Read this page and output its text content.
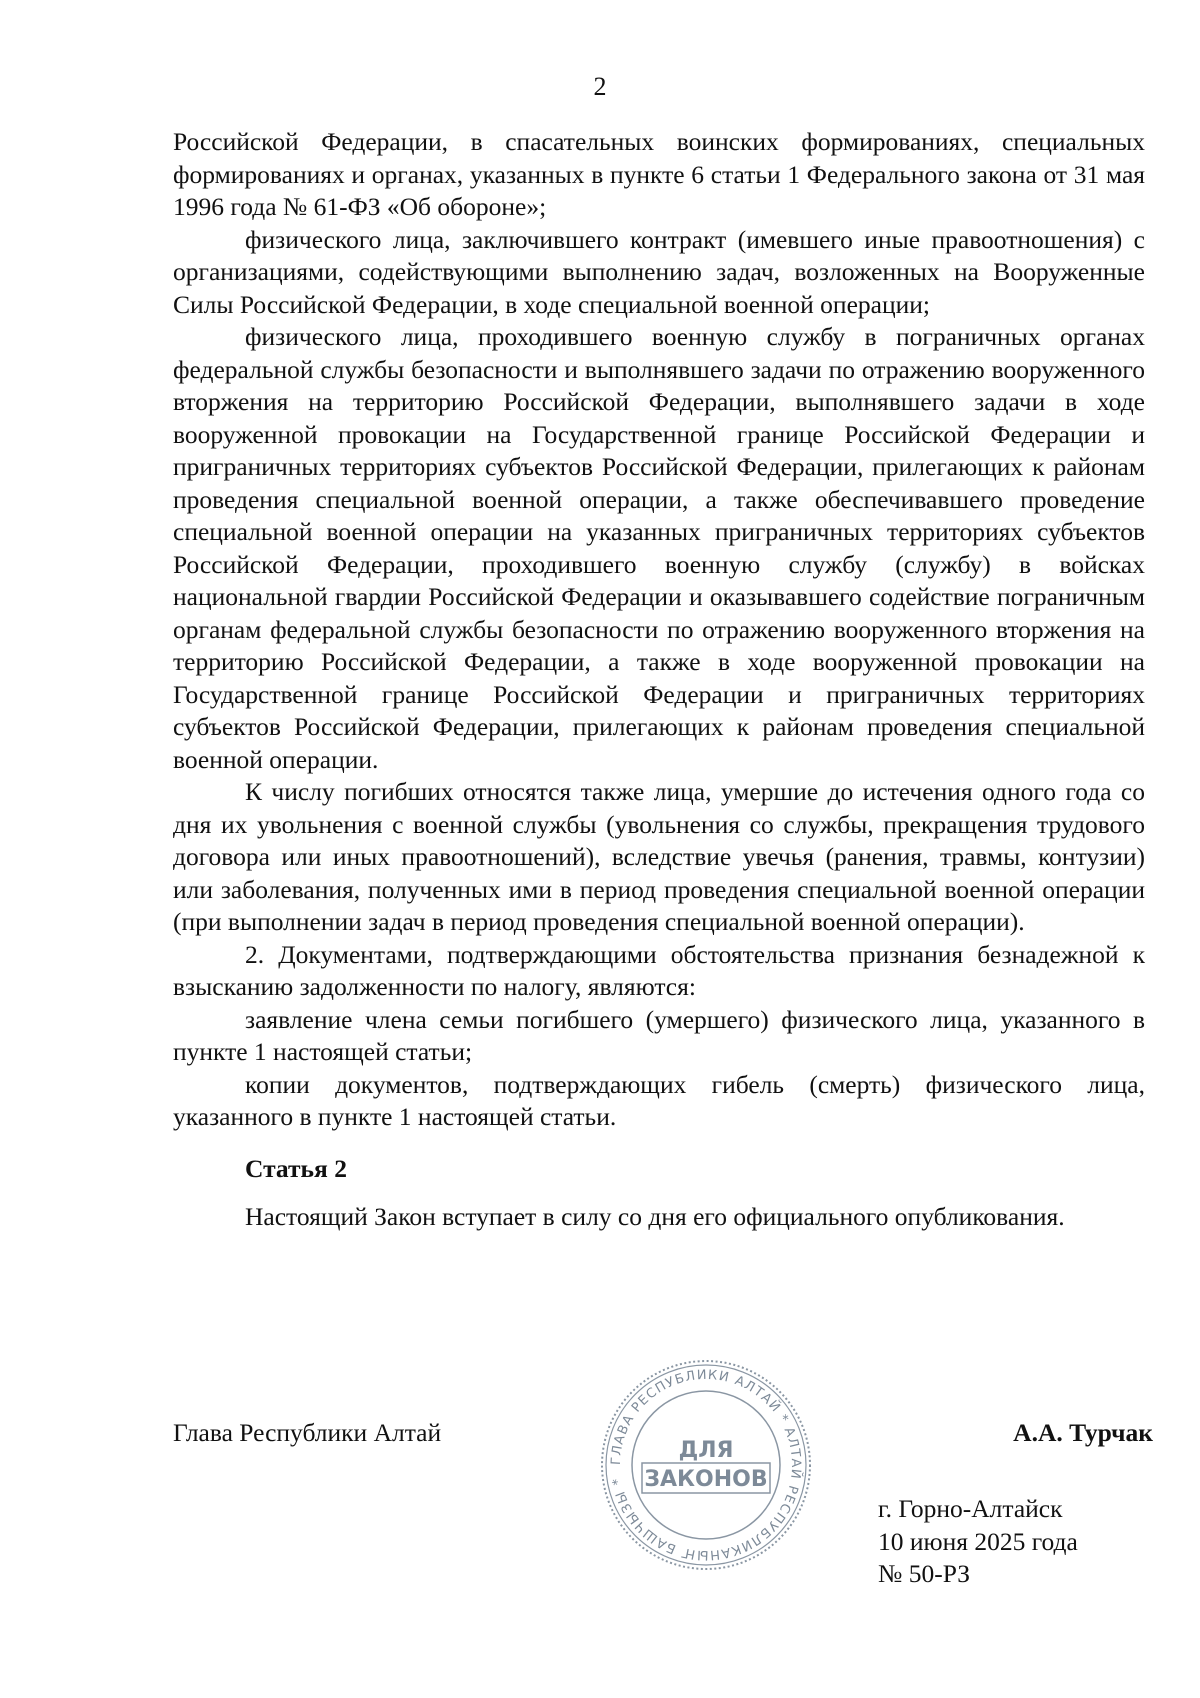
2

Российской Федерации, в спасательных воинских формированиях, специальных формированиях и органах, указанных в пункте 6 статьи 1 Федерального закона от 31 мая 1996 года № 61-ФЗ «Об обороне»;

физического лица, заключившего контракт (имевшего иные правоотношения) с организациями, содействующими выполнению задач, возложенных на Вооруженные Силы Российской Федерации, в ходе специальной военной операции;

физического лица, проходившего военную службу в пограничных органах федеральной службы безопасности и выполнявшего задачи по отражению вооруженного вторжения на территорию Российской Федерации, выполнявшего задачи в ходе вооруженной провокации на Государственной границе Российской Федерации и приграничных территориях субъектов Российской Федерации, прилегающих к районам проведения специальной военной операции, а также обеспечивавшего проведение специальной военной операции на указанных приграничных территориях субъектов Российской Федерации, проходившего военную службу (службу) в войсках национальной гвардии Российской Федерации и оказывавшего содействие пограничным органам федеральной службы безопасности по отражению вооруженного вторжения на территорию Российской Федерации, а также в ходе вооруженной провокации на Государственной границе Российской Федерации и приграничных территориях субъектов Российской Федерации, прилегающих к районам проведения специальной военной операции.

К числу погибших относятся также лица, умершие до истечения одного года со дня их увольнения с военной службы (увольнения со службы, прекращения трудового договора или иных правоотношений), вследствие увечья (ранения, травмы, контузии) или заболевания, полученных ими в период проведения специальной военной операции (при выполнении задач в период проведения специальной военной операции).

2. Документами, подтверждающими обстоятельства признания безнадежной к взысканию задолженности по налогу, являются:

заявление члена семьи погибшего (умершего) физического лица, указанного в пункте 1 настоящей статьи;

копии документов, подтверждающих гибель (смерть) физического лица, указанного в пункте 1 настоящей статьи.

Статья 2

Настоящий Закон вступает в силу со дня его официального опубликования.

Глава Республики Алтай	А.А. Турчак
ГЛАВА РЕСПУБЛИКИ АЛТАЙ * АЛТАЙ РЕСПУБЛИКАНЫҤ БАШЧЫЗЫ *
ДЛЯ
ЗАКОНОВ
г. Горно-Алтайск
10 июня 2025 года
№ 50-РЗ
